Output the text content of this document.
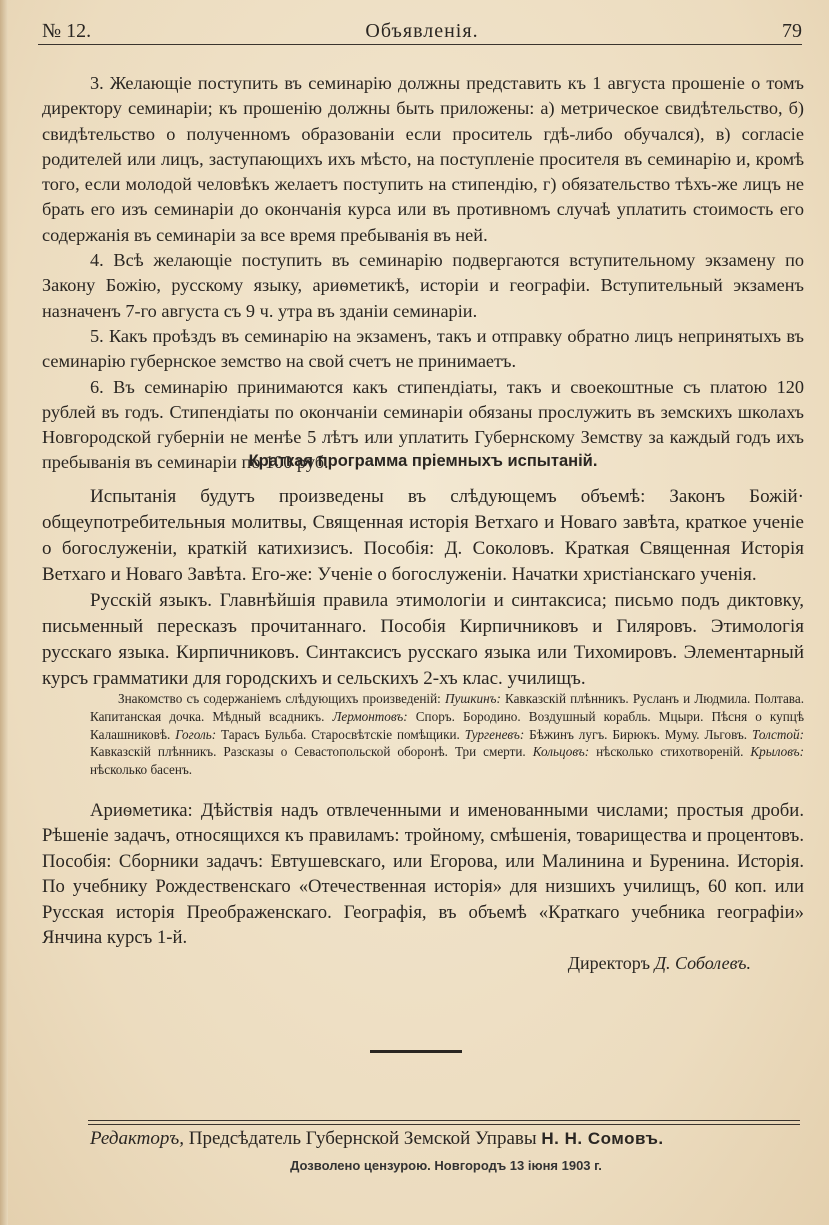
№ 12.	Объявленія.	79

3. Желающіе поступить въ семинарію должны представить къ 1 августа прошеніе о томъ директору семинаріи; къ прошенію должны быть приложены: а) метрическое свидѣтельство, б) свидѣтельство о полученномъ образованіи если проситель гдѣ-либо обучался), в) согласіе родителей или лицъ, заступающихъ ихъ мѣсто, на поступленіе просителя въ семинарію и, кромѣ того, если молодой человѣкъ желаетъ поступить на стипендію, г) обязательство тѣхъ-же лицъ не брать его изъ семинаріи до окончанія курса или въ противномъ случаѣ уплатить стоимость его содержанія въ семинаріи за все время пребыванія въ ней.

4. Всѣ желающіе поступить въ семинарію подвергаются вступительному экзамену по Закону Божію, русскому языку, ариѳметикѣ, исторіи и географіи. Вступительный экзаменъ назначенъ 7-го августа съ 9 ч. утра въ зданіи семинаріи.

5. Какъ проѣздъ въ семинарію на экзаменъ, такъ и отправку обратно лицъ непринятыхъ въ семинарію губернское земство на свой счетъ не принимаетъ.

6. Въ семинарію принимаются какъ стипендіаты, такъ и своекоштные съ платою 120 рублей въ годъ. Стипендіаты по окончаніи семинаріи обязаны прослужить въ земскихъ школахъ Новгородской губерніи не менѣе 5 лѣтъ или уплатить Губернскому Земству за каждый годъ ихъ пребыванія въ семинаріи по 100 руб.

Краткая программа пріемныхъ испытаній.

Испытанія будутъ произведены въ слѣдующемъ объемѣ: Законъ Божій· общеупотребительныя молитвы, Священная исторія Ветхаго и Новаго завѣта, краткое ученіе о богослуженіи, краткій катихизисъ. Пособія: Д. Соколовъ. Краткая Священная Исторія Ветхаго и Новаго Завѣта. Его-же: Ученіе о богослуженіи. Начатки христіанскаго ученія.

Русскій языкъ. Главнѣйшія правила этимологіи и синтаксиса; письмо подъ диктовку, письменный пересказъ прочитаннаго. Пособія Кирпичниковъ и Гиляровъ. Этимологія русскаго языка. Кирпичниковъ. Синтаксисъ русскаго языка или Тихомировъ. Элементарный курсъ грамматики для городскихъ и сельскихъ 2-хъ клас. училищъ.

Знакомство съ содержаніемъ слѣдующихъ произведеній: Пушкинъ: Кавказскій плѣнникъ. Русланъ и Людмила. Полтава. Капитанская дочка. Мѣдный всадникъ. Лермонтовъ: Споръ. Бородино. Воздушный корабль. Мцыри. Пѣсня о купцѣ Калашниковѣ. Гоголь: Тарасъ Бульба. Старосвѣтскіе помѣщики. Тургеневъ: Бѣжинъ лугъ. Бирюкъ. Муму. Льговъ. Толстой: Кавказскій плѣнникъ. Разсказы о Севастопольской оборонѣ. Три смерти. Кольцовъ: нѣсколько стихотвореній. Крыловъ: нѣсколько басенъ.

Ариѳметика: Дѣйствія надъ отвлеченными и именованными числами; простыя дроби. Рѣшеніе задачъ, относящихся къ правиламъ: тройному, смѣшенія, товарищества и процентовъ. Пособія: Сборники задачъ: Евтушевскаго, или Егорова, или Малинина и Буренина. Исторія. По учебнику Рождественскаго «Отечественная исторія» для низшихъ училищъ, 60 коп. или Русская исторія Преображенскаго. Географія, въ объемѣ «Краткаго учебника географіи» Янчина курсъ 1-й.

Директоръ Д. Соболевъ.
Редакторъ, Предсѣдатель Губернской Земской Управы Н. Н. Сомовъ.
Дозволено цензурою. Новгородъ 13 іюня 1903 г.
